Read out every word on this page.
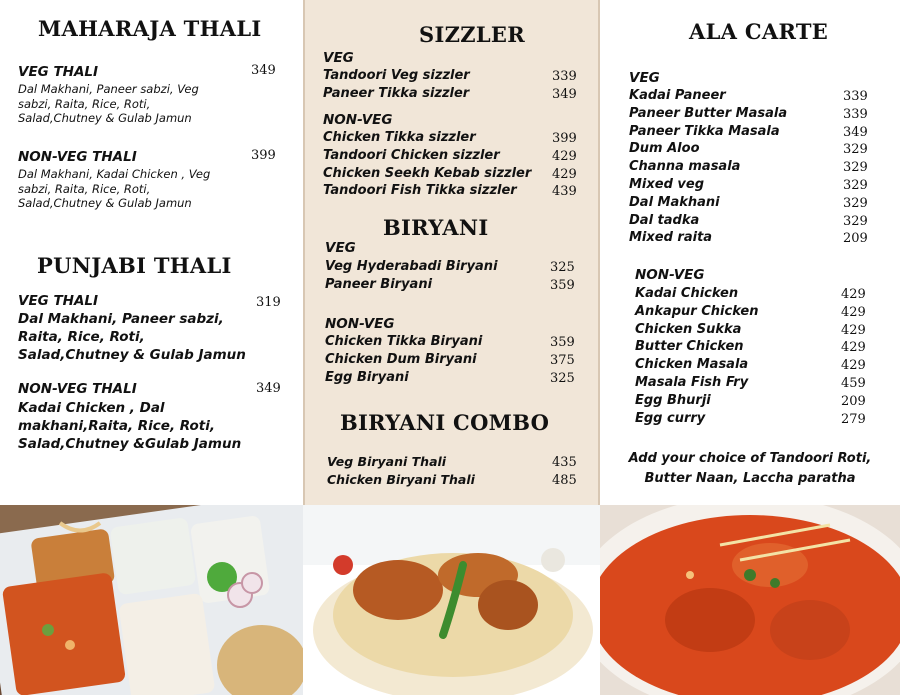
MAHARAJA THALI
VEG THALI	349
Dal Makhani, Paneer sabzi, Veg
sabzi, Raita, Rice, Roti,
Salad,Chutney & Gulab Jamun
NON-VEG THALI	399
Dal Makhani, Kadai Chicken , Veg
sabzi, Raita, Rice, Roti,
Salad,Chutney & Gulab Jamun
PUNJABI THALI
VEG THALI	319
Dal Makhani, Paneer sabzi,
Raita, Rice, Roti,
Salad,Chutney & Gulab Jamun
NON-VEG THALI	349
Kadai Chicken , Dal
makhani,Raita, Rice, Roti,
Salad,Chutney &Gulab Jamun
SIZZLER
VEG
Tandoori Veg sizzler	339
Paneer Tikka sizzler	349
NON-VEG
Chicken Tikka sizzler	399
Tandoori Chicken sizzler	429
Chicken Seekh Kebab sizzler 429
Tandoori Fish Tikka sizzler	439
BIRYANI
VEG
Veg Hyderabadi Biryani	325
Paneer Biryani	359
NON-VEG
Chicken Tikka Biryani	359
Chicken Dum Biryani	375
Egg Biryani	325
BIRYANI COMBO
Veg Biryani Thali	435
Chicken Biryani Thali	485
ALA CARTE
VEG
Kadai Paneer	339
Paneer Butter Masala	339
Paneer Tikka Masala	349
Dum Aloo	329
Channa masala	329
Mixed veg	329
Dal Makhani	329
Dal tadka	329
Mixed raita	209
NON-VEG
Kadai Chicken	429
Ankapur Chicken	429
Chicken Sukka	429
Butter Chicken	429
Chicken Masala	429
Masala Fish Fry	459
Egg Bhurji	209
Egg curry	279
Add your choice of Tandoori Roti,
Butter Naan, Laccha paratha
